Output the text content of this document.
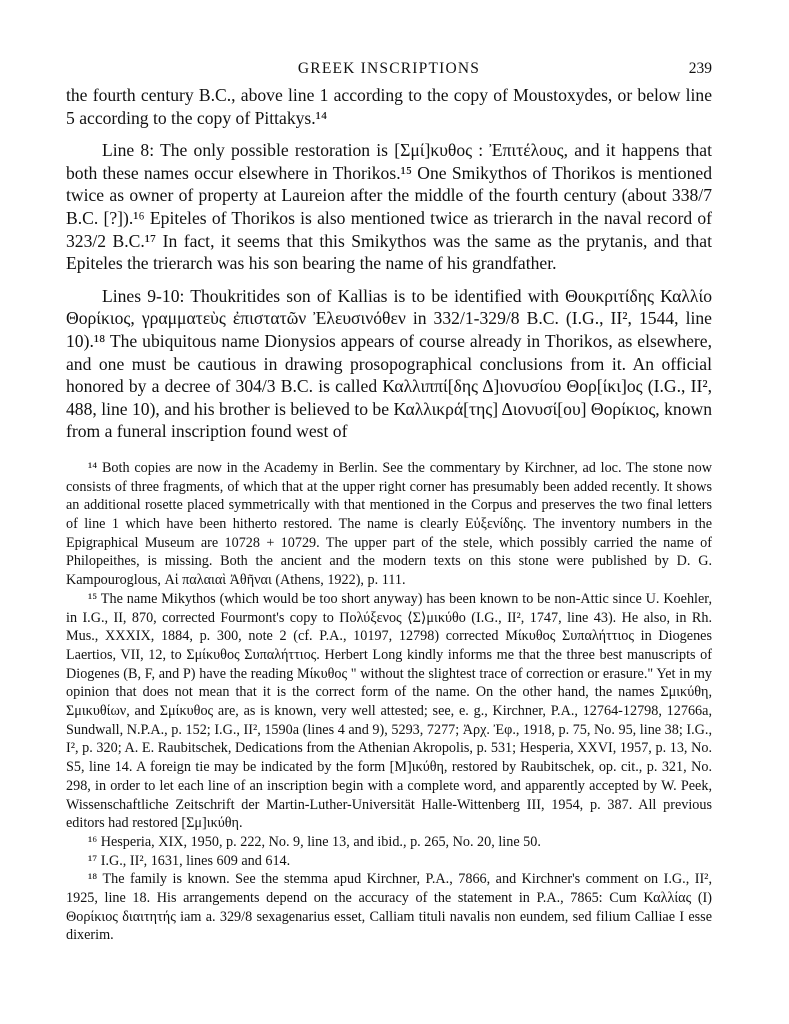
GREEK INSCRIPTIONS	239

the fourth century B.C., above line 1 according to the copy of Moustoxydes, or below line 5 according to the copy of Pittakys.¹⁴

Line 8: The only possible restoration is [Σμί]κυθος : Ἐπιτέλους, and it happens that both these names occur elsewhere in Thorikos.¹⁵ One Smikythos of Thorikos is mentioned twice as owner of property at Laureion after the middle of the fourth century (about 338/7 B.C. [?]).¹⁶ Epiteles of Thorikos is also mentioned twice as trierarch in the naval record of 323/2 B.C.¹⁷ In fact, it seems that this Smikythos was the same as the prytanis, and that Epiteles the trierarch was his son bearing the name of his grandfather.

Lines 9-10: Thoukritides son of Kallias is to be identified with Θουκριτίδης Καλλίο Θορίκιος, γραμματεὺς ἐπιστατῶν Ἐλευσινόθεν in 332/1-329/8 B.C. (I.G., II², 1544, line 10).¹⁸ The ubiquitous name Dionysios appears of course already in Thorikos, as elsewhere, and one must be cautious in drawing prosopographical conclusions from it. An official honored by a decree of 304/3 B.C. is called Καλλιππί[δης Δ]ιονυσίου Θορ[ίκι]ος (I.G., II², 488, line 10), and his brother is believed to be Καλλικρά[της] Διονυσί[ου] Θορίκιος, known from a funeral inscription found west of

¹⁴ Both copies are now in the Academy in Berlin. See the commentary by Kirchner, ad loc. The stone now consists of three fragments, of which that at the upper right corner has presumably been added recently. It shows an additional rosette placed symmetrically with that mentioned in the Corpus and preserves the two final letters of line 1 which have been hitherto restored. The name is clearly Εὐξενίδης. The inventory numbers in the Epigraphical Museum are 10728 + 10729. The upper part of the stele, which possibly carried the name of Philopeithes, is missing. Both the ancient and the modern texts on this stone were published by D. G. Kampouroglous, Αἱ παλαιαὶ Ἀθῆναι (Athens, 1922), p. 111.

¹⁵ The name Mikythos (which would be too short anyway) has been known to be non-Attic since U. Koehler, in I.G., II, 870, corrected Fourmont's copy to Πολύξενος ⟨Σ⟩μικύθο (I.G., II², 1747, line 43). He also, in Rh. Mus., XXXIX, 1884, p. 300, note 2 (cf. P.A., 10197, 12798) corrected Μίκυθος Συπαλήττιος in Diogenes Laertios, VII, 12, to Σμίκυθος Συπαλήττιος. Herbert Long kindly informs me that the three best manuscripts of Diogenes (B, F, and P) have the reading Μίκυθος " without the slightest trace of correction or erasure." Yet in my opinion that does not mean that it is the correct form of the name. On the other hand, the names Σμικύθη, Σμικυθίων, and Σμίκυθος are, as is known, very well attested; see, e. g., Kirchner, P.A., 12764-12798, 12766a, Sundwall, N.P.A., p. 152; I.G., II², 1590a (lines 4 and 9), 5293, 7277; Ἀρχ. Ἐφ., 1918, p. 75, No. 95, line 38; I.G., I², p. 320; A. E. Raubitschek, Dedications from the Athenian Akropolis, p. 531; Hesperia, XXVI, 1957, p. 13, No. S5, line 14. A foreign tie may be indicated by the form [Μ]ικύθη, restored by Raubitschek, op. cit., p. 321, No. 298, in order to let each line of an inscription begin with a complete word, and apparently accepted by W. Peek, Wissenschaftliche Zeitschrift der Martin-Luther-Universität Halle-Wittenberg III, 1954, p. 387. All previous editors had restored [Σμ]ικύθη.

¹⁶ Hesperia, XIX, 1950, p. 222, No. 9, line 13, and ibid., p. 265, No. 20, line 50.

¹⁷ I.G., II², 1631, lines 609 and 614.

¹⁸ The family is known. See the stemma apud Kirchner, P.A., 7866, and Kirchner's comment on I.G., II², 1925, line 18. His arrangements depend on the accuracy of the statement in P.A., 7865: Cum Καλλίας (I) Θορίκιος διαιτητής iam a. 329/8 sexagenarius esset, Calliam tituli navalis non eundem, sed filium Calliae I esse dixerim.
